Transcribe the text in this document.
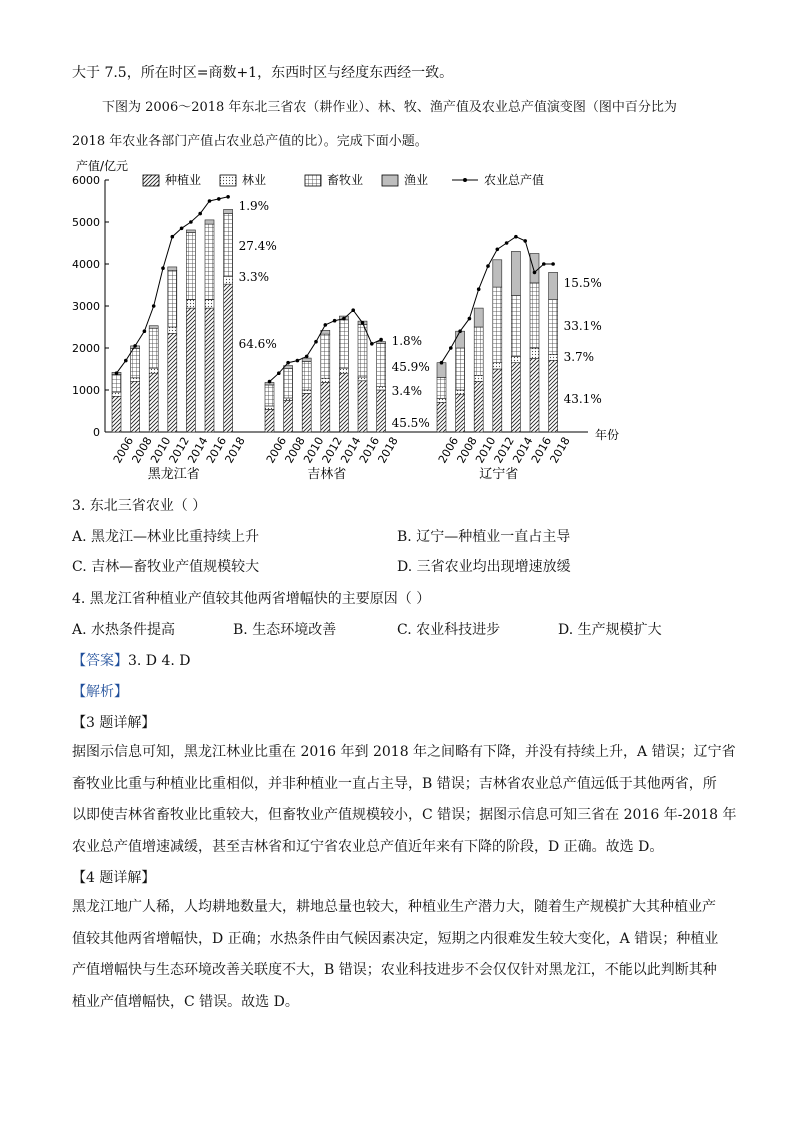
大于 7.5，所在时区=商数+1，东西时区与经度东西经一致。
下图为 2006～2018 年东北三省农（耕作业）、林、牧、渔产值及农业总产值演变图（图中百分比为
2018 年农业各部门产值占农业总产值的比）。完成下面小题。
产值/亿元
0
1000
2000
3000
4000
5000
6000
年份
种植业	林业	畜牧业	渔业	农业总产值
2006
2008
2010
2012
2014
2016
2018
黑龙江省
1.9%
27.4%
3.3%
64.6%
2006
2008
2010
2012
2014
2016
2018
吉林省
1.8%
45.9%
3.4%
45.5%
2006
2008
2010
2012
2014
2016
2018
辽宁省
15.5%
33.1%
3.7%
43.1%
3. 东北三省农业（ ）
A. 黑龙江—林业比重持续上升	B. 辽宁—种植业一直占主导
C. 吉林—畜牧业产值规模较大	D. 三省农业均出现增速放缓
4. 黑龙江省种植业产值较其他两省增幅快的主要原因（ ）
A. 水热条件提高	B. 生态环境改善	C. 农业科技进步	D. 生产规模扩大
【答案】3. D 4. D
【解析】
【3 题详解】
据图示信息可知，黑龙江林业比重在 2016 年到 2018 年之间略有下降，并没有持续上升，A 错误；辽宁省
畜牧业比重与种植业比重相似，并非种植业一直占主导，B 错误；吉林省农业总产值远低于其他两省，所
以即使吉林省畜牧业比重较大，但畜牧业产值规模较小，C 错误；据图示信息可知三省在 2016 年-2018 年
农业总产值增速减缓，甚至吉林省和辽宁省农业总产值近年来有下降的阶段，D 正确。故选 D。
【4 题详解】
黑龙江地广人稀，人均耕地数量大，耕地总量也较大，种植业生产潜力大，随着生产规模扩大其种植业产
值较其他两省增幅快，D 正确；水热条件由气候因素决定，短期之内很难发生较大变化，A 错误；种植业
产值增幅快与生态环境改善关联度不大，B 错误；农业科技进步不会仅仅针对黑龙江，不能以此判断其种
植业产值增幅快，C 错误。故选 D。
